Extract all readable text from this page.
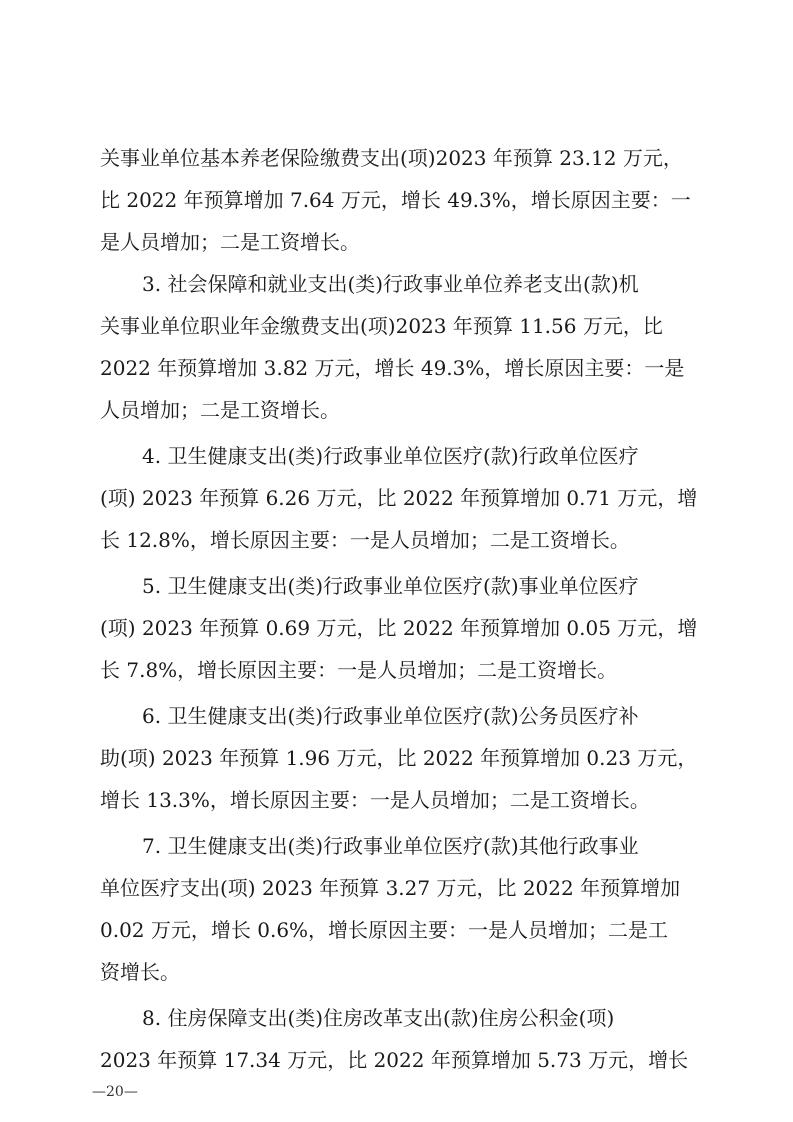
关事业单位基本养老保险缴费支出(项)2023 年预算 23.12 万元，
比 2022 年预算增加 7.64 万元，增长 49.3%，增长原因主要：一
是人员增加；二是工资增长。
3. 社会保障和就业支出(类)行政事业单位养老支出(款)机
关事业单位职业年金缴费支出(项)2023 年预算 11.56 万元，比
2022 年预算增加 3.82 万元，增长 49.3%，增长原因主要：一是
人员增加；二是工资增长。
4. 卫生健康支出(类)行政事业单位医疗(款)行政单位医疗
(项) 2023 年预算 6.26 万元，比 2022 年预算增加 0.71 万元，增
长 12.8%，增长原因主要：一是人员增加；二是工资增长。
5. 卫生健康支出(类)行政事业单位医疗(款)事业单位医疗
(项) 2023 年预算 0.69 万元，比 2022 年预算增加 0.05 万元，增
长 7.8%，增长原因主要：一是人员增加；二是工资增长。
6. 卫生健康支出(类)行政事业单位医疗(款)公务员医疗补
助(项) 2023 年预算 1.96 万元，比 2022 年预算增加 0.23 万元，
增长 13.3%，增长原因主要：一是人员增加；二是工资增长。
7. 卫生健康支出(类)行政事业单位医疗(款)其他行政事业
单位医疗支出(项) 2023 年预算 3.27 万元，比 2022 年预算增加
0.02 万元，增长 0.6%，增长原因主要：一是人员增加；二是工
资增长。
8. 住房保障支出(类)住房改革支出(款)住房公积金(项)
2023 年预算 17.34 万元，比 2022 年预算增加 5.73 万元，增长
—20—
